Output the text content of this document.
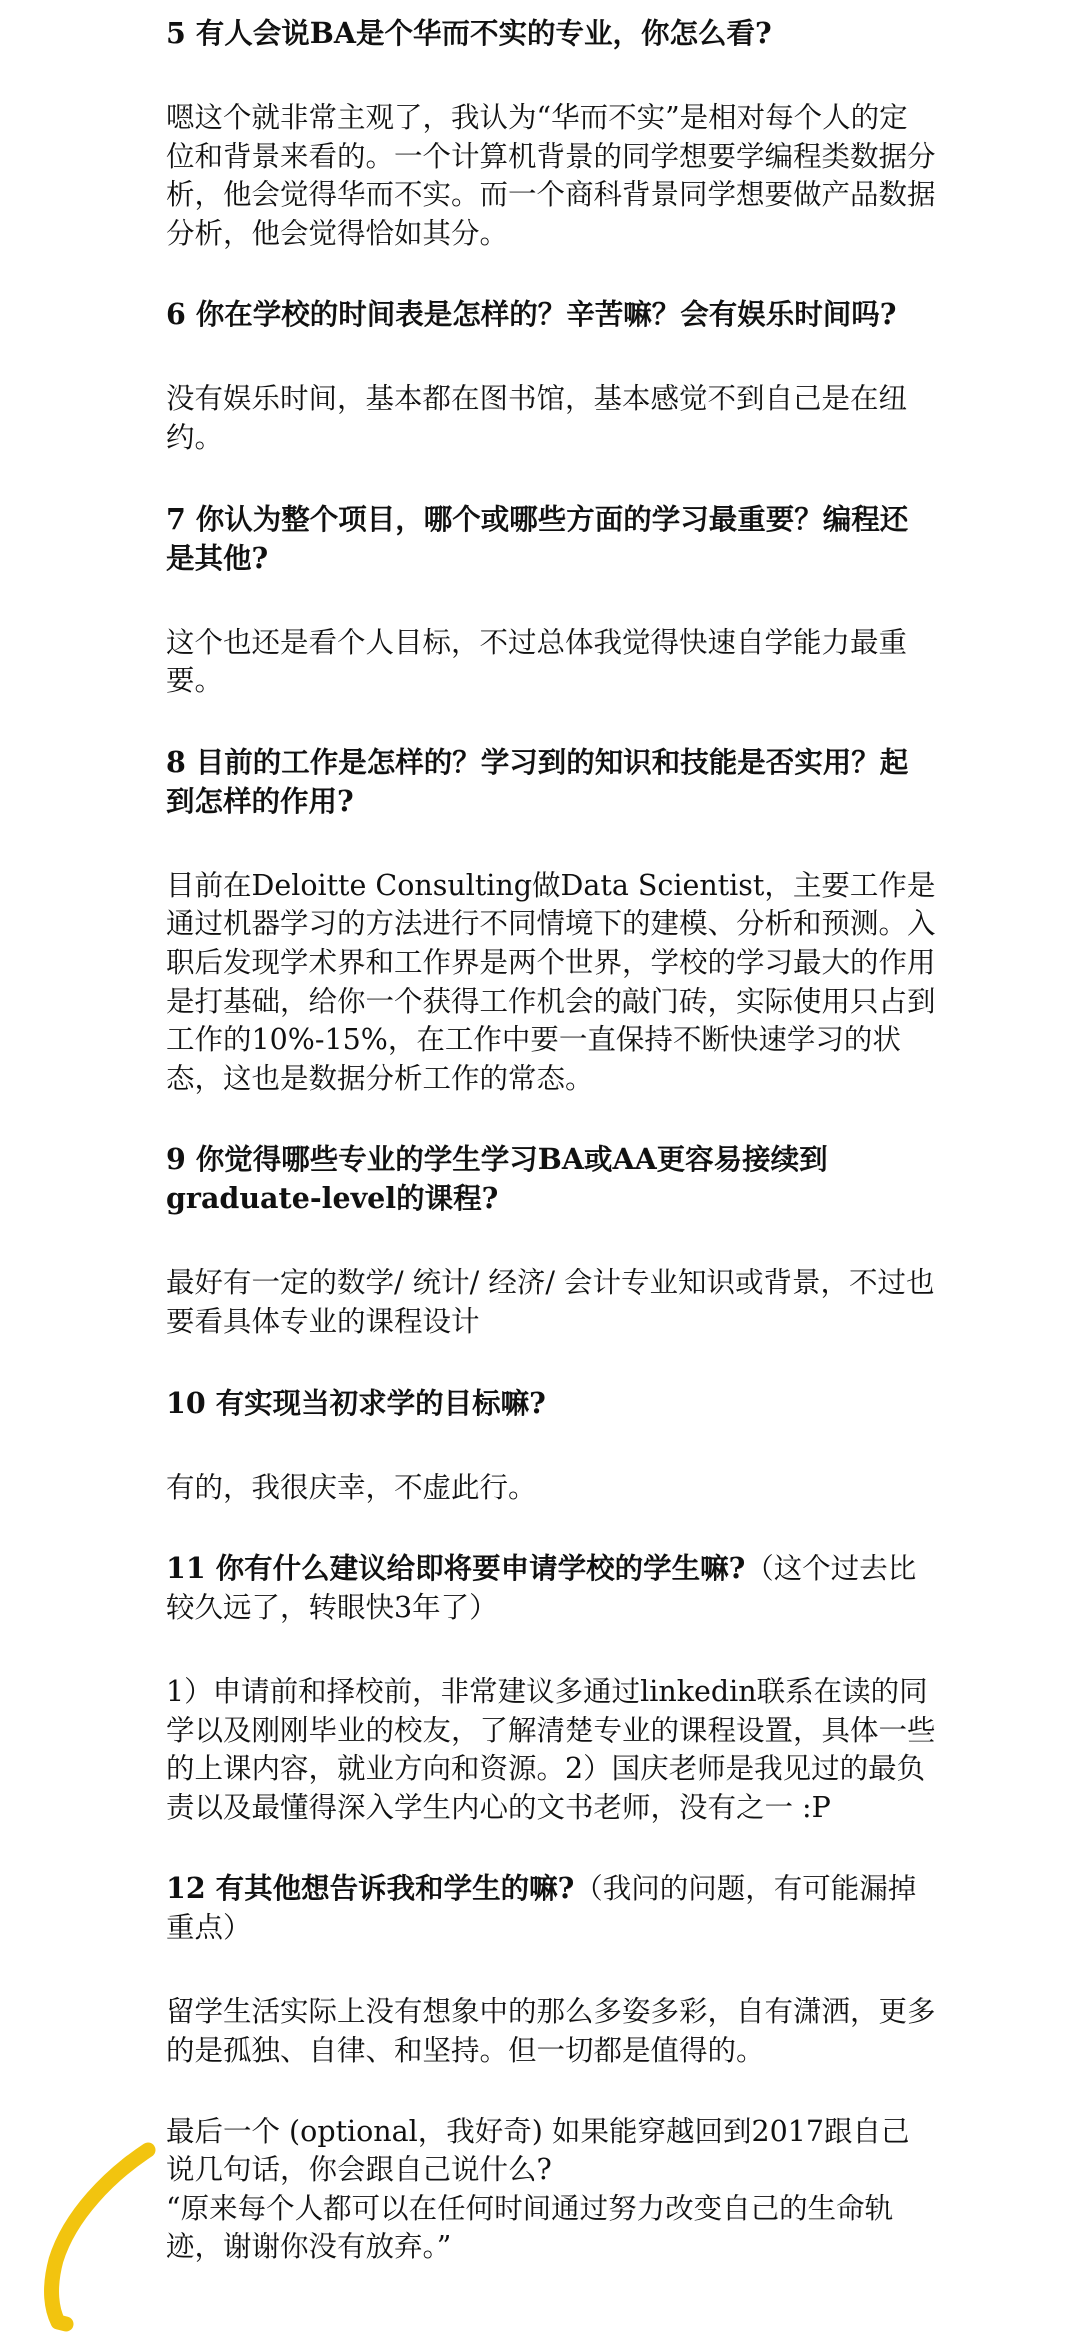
5 有人会说BA是个华而不实的专业，你怎么看?

嗯这个就非常主观了，我认为“华而不实”是相对每个人的定位和背景来看的。一个计算机背景的同学想要学编程类数据分析，他会觉得华而不实。而一个商科背景同学想要做产品数据分析，他会觉得恰如其分。

6 你在学校的时间表是怎样的？辛苦嘛？会有娱乐时间吗?

没有娱乐时间，基本都在图书馆，基本感觉不到自己是在纽约。

7 你认为整个项目，哪个或哪些方面的学习最重要？编程还是其他?

这个也还是看个人目标，不过总体我觉得快速自学能力最重要。

8 目前的工作是怎样的？学习到的知识和技能是否实用？起到怎样的作用?

目前在Deloitte Consulting做Data Scientist，主要工作是通过机器学习的方法进行不同情境下的建模、分析和预测。入职后发现学术界和工作界是两个世界，学校的学习最大的作用是打基础，给你一个获得工作机会的敲门砖，实际使用只占到工作的10%-15%，在工作中要一直保持不断快速学习的状态，这也是数据分析工作的常态。

9 你觉得哪些专业的学生学习BA或AA更容易接续到graduate-level的课程?

最好有一定的数学/ 统计/ 经济/ 会计专业知识或背景，不过也要看具体专业的课程设计

10 有实现当初求学的目标嘛?

有的，我很庆幸，不虚此行。

11 你有什么建议给即将要申请学校的学生嘛?（这个过去比较久远了，转眼快3年了）

1）申请前和择校前，非常建议多通过linkedin联系在读的同学以及刚刚毕业的校友，了解清楚专业的课程设置，具体一些的上课内容，就业方向和资源。2）国庆老师是我见过的最负责以及最懂得深入学生内心的文书老师，没有之一 :P

12 有其他想告诉我和学生的嘛?（我问的问题，有可能漏掉重点）

留学生活实际上没有想象中的那么多姿多彩，自有潇洒，更多的是孤独、自律、和坚持。但一切都是值得的。

最后一个 (optional，我好奇) 如果能穿越回到2017跟自己说几句话，你会跟自己说什么?

“原来每个人都可以在任何时间通过努力改变自己的生命轨迹，谢谢你没有放弃。”
